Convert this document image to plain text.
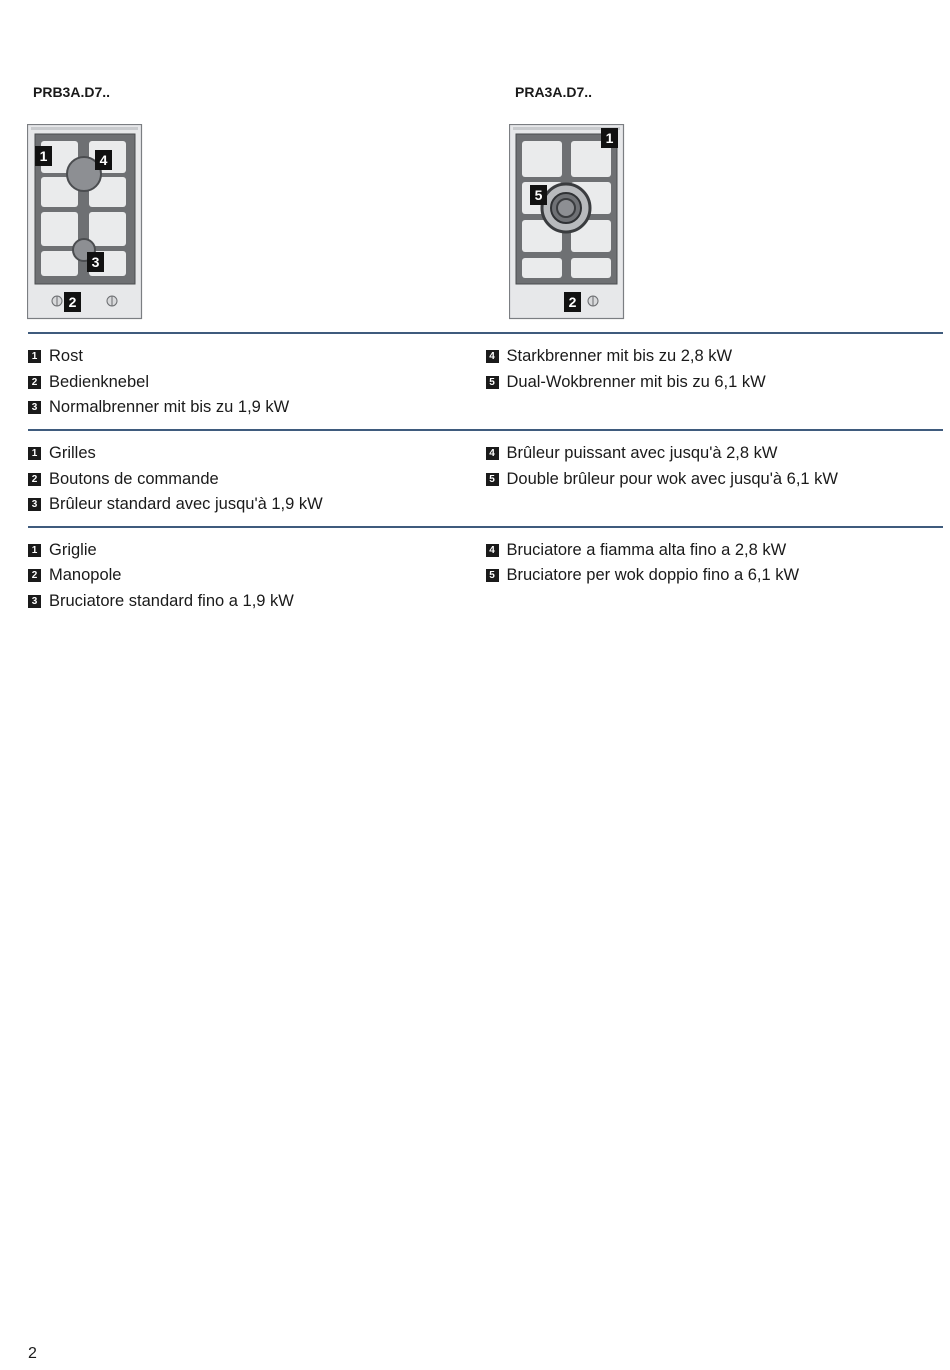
PRB3A.D7..	PRA3A.D7..
1	4
3
2
1
5
2
1 Rost
2 Bedienknebel
3 Normalbrenner mit bis zu 1,9 kW
4 Starkbrenner mit bis zu 2,8 kW
5 Dual-Wokbrenner mit bis zu 6,1 kW
1 Grilles
2 Boutons de commande
3 Brûleur standard avec jusqu'à 1,9 kW
4 Brûleur puissant avec jusqu'à 2,8 kW
5 Double brûleur pour wok avec jusqu'à 6,1 kW
1 Griglie
2 Manopole
3 Bruciatore standard fino a 1,9 kW
4 Bruciatore a fiamma alta fino a 2,8 kW
5 Bruciatore per wok doppio fino a 6,1 kW
2
